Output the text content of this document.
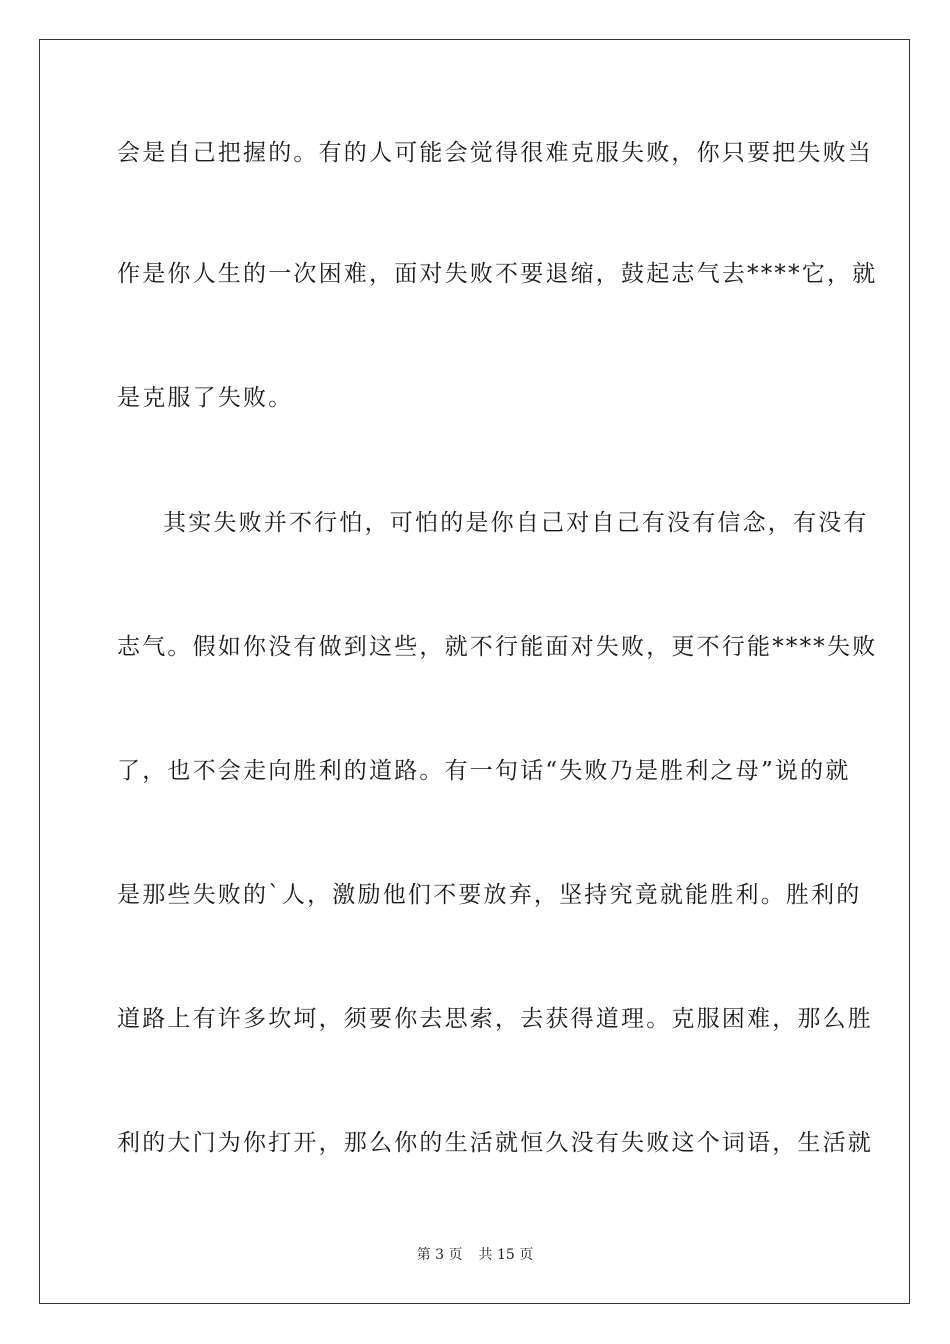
会是自己把握的。有的人可能会觉得很难克服失败，你只要把失败当
作是你人生的一次困难，面对失败不要退缩，鼓起志气去****它，就
是克服了失败。
其实失败并不行怕，可怕的是你自己对自己有没有信念，有没有
志气。假如你没有做到这些，就不行能面对失败，更不行能****失败
了，也不会走向胜利的道路。有一句话“失败乃是胜利之母”说的就
是那些失败的`人，激励他们不要放弃，坚持究竟就能胜利。胜利的
道路上有许多坎坷，须要你去思索，去获得道理。克服困难，那么胜
利的大门为你打开，那么你的生活就恒久没有失败这个词语，生活就
第 3 页 共 15 页
